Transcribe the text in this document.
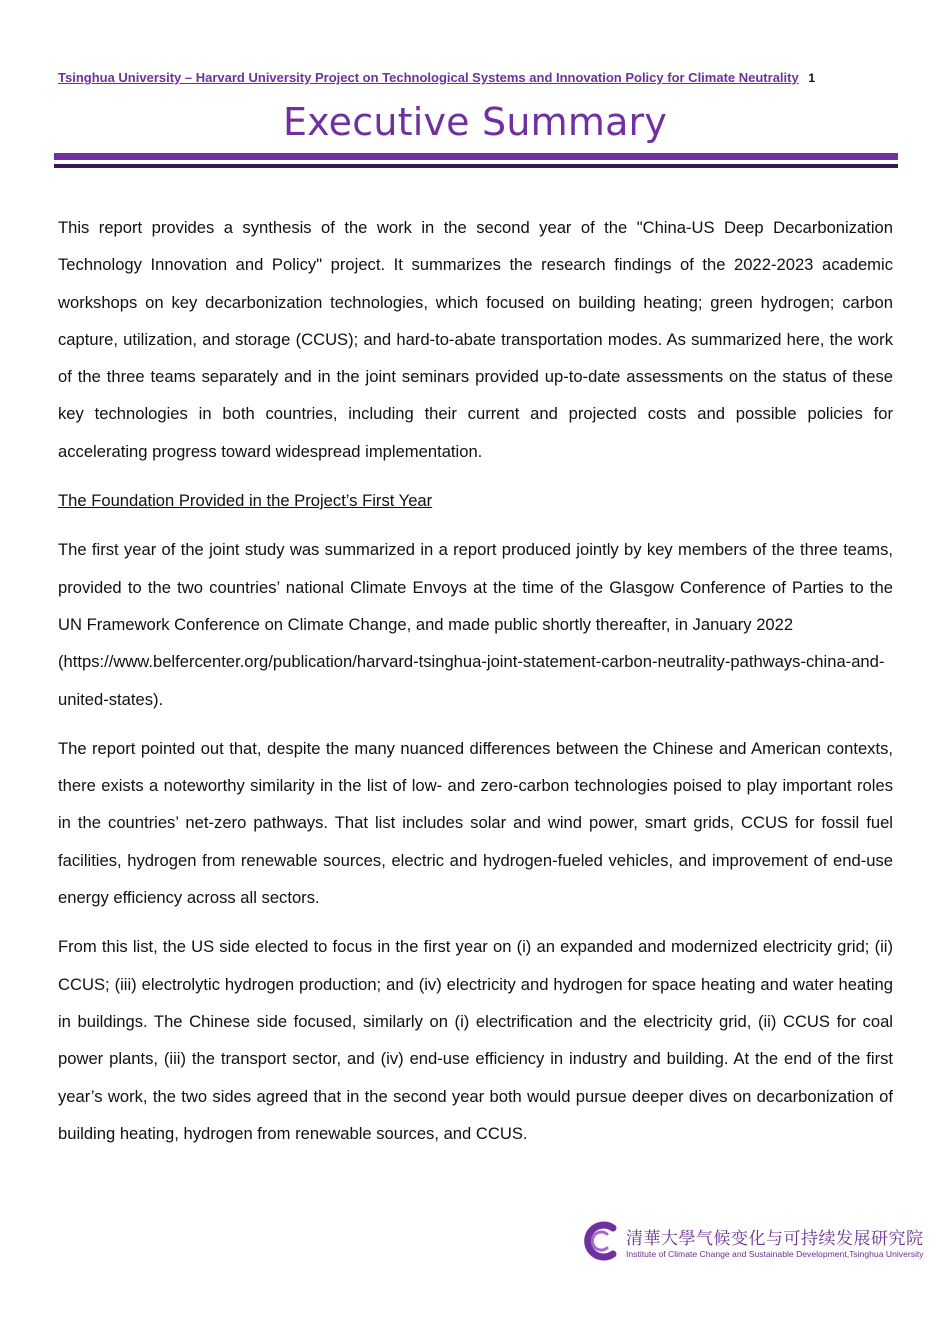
Tsinghua University – Harvard University Project on Technological Systems and Innovation Policy for Climate Neutrality 1
Executive Summary

This report provides a synthesis of the work in the second year of the "China-US Deep Decarbonization Technology Innovation and Policy" project. It summarizes the research findings of the 2022-2023 academic workshops on key decarbonization technologies, which focused on building heating; green hydrogen; carbon capture, utilization, and storage (CCUS); and hard-to-abate transportation modes. As summarized here, the work of the three teams separately and in the joint seminars provided up-to-date assessments on the status of these key technologies in both countries, including their current and projected costs and possible policies for accelerating progress toward widespread implementation.

The Foundation Provided in the Project’s First Year

The first year of the joint study was summarized in a report produced jointly by key members of the three teams, provided to the two countries’ national Climate Envoys at the time of the Glasgow Conference of Parties to the UN Framework Conference on Climate Change, and made public shortly thereafter, in January 2022
(https://www.belfercenter.org/publication/harvard-tsinghua-joint-statement-carbon-neutrality-pathways-china-and-united-states).

The report pointed out that, despite the many nuanced differences between the Chinese and American contexts, there exists a noteworthy similarity in the list of low- and zero-carbon technologies poised to play important roles in the countries’ net-zero pathways. That list includes solar and wind power, smart grids, CCUS for fossil fuel facilities, hydrogen from renewable sources, electric and hydrogen-fueled vehicles, and improvement of end-use energy efficiency across all sectors.

From this list, the US side elected to focus in the first year on (i) an expanded and modernized electricity grid; (ii) CCUS; (iii) electrolytic hydrogen production; and (iv) electricity and hydrogen for space heating and water heating in buildings. The Chinese side focused, similarly on (i) electrification and the electricity grid, (ii) CCUS for coal power plants, (iii) the transport sector, and (iv) end-use efficiency in industry and building. At the end of the first year’s work, the two sides agreed that in the second year both would pursue deeper dives on decarbonization of building heating, hydrogen from renewable sources, and CCUS.

清華大學气候变化与可持续发展研究院
Institute of Climate Change and Sustainable Development,Tsinghua University
